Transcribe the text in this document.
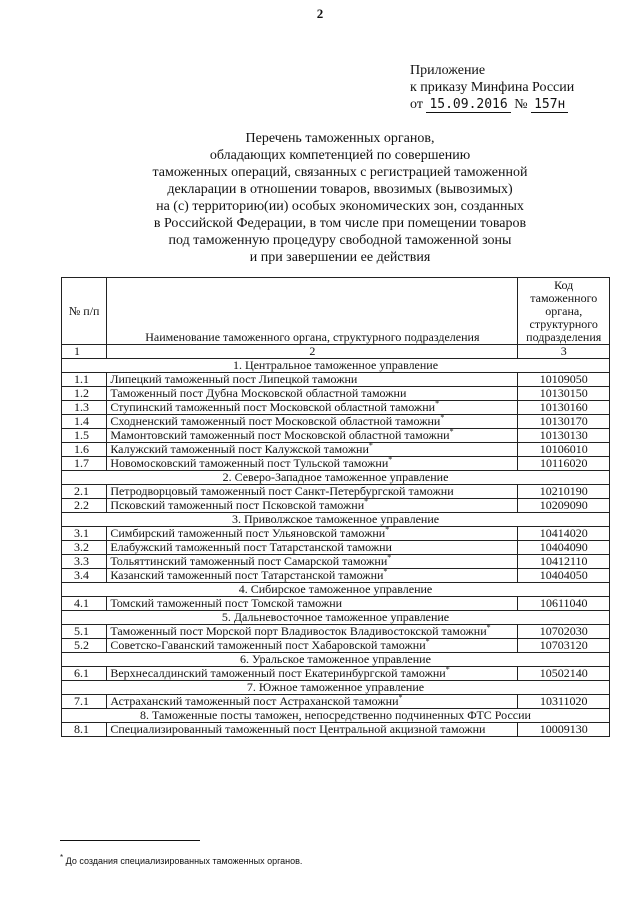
2
Приложение
к приказу Минфина России
от 15.09.2016 № 157н
Перечень таможенных органов,
обладающих компетенцией по совершению
таможенных операций, связанных с регистрацией таможенной
декларации в отношении товаров, ввозимых (вывозимых)
на (с) территорию(ии) особых экономических зон, созданных
в Российской Федерации, в том числе при помещении товаров
под таможенную процедуру свободной таможенной зоны
и при завершении ее действия
№ п/п	Наименование таможенного органа, структурного подразделения	Код таможенного органа, структурного подразделения
1	2	3
1. Центральное таможенное управление		
1.1	Липецкий таможенный пост Липецкой таможни	10109050
1.2	Таможенный пост Дубна Московской областной таможни	10130150
1.3	Ступинский таможенный пост Московской областной таможни*	10130160
1.4	Сходненский таможенный пост Московской областной таможни*	10130170
1.5	Мамонтовский таможенный пост Московской областной таможни*	10130130
1.6	Калужский таможенный пост Калужской таможни*	10106010
1.7	Новомосковский таможенный пост Тульской таможни*	10116020
2. Северо-Западное таможенное управление		
2.1	Петродворцовый таможенный пост Санкт-Петербургской таможни	10210190
2.2	Псковский таможенный пост Псковской таможни*	10209090
3. Приволжское таможенное управление		
3.1	Симбирский таможенный пост Ульяновской таможни*	10414020
3.2	Елабужский таможенный пост Татарстанской таможни	10404090
3.3	Тольяттинский таможенный пост Самарской таможни*	10412110
3.4	Казанский таможенный пост Татарстанской таможни*	10404050
4. Сибирское таможенное управление		
4.1	Томский таможенный пост Томской таможни	10611040
5. Дальневосточное таможенное управление		
5.1	Таможенный пост Морской порт Владивосток Владивостокской таможни*	10702030
5.2	Советско-Гаванский таможенный пост Хабаровской таможни*	10703120
6. Уральское таможенное управление		
6.1	Верхнесалдинский таможенный пост Екатеринбургской таможни*	10502140
7. Южное таможенное управление		
7.1	Астраханский таможенный пост Астраханской таможни*	10311020
8. Таможенные посты таможен, непосредственно подчиненных ФТС России		
8.1	Специализированный таможенный пост Центральной акцизной таможни	10009130
* До создания специализированных таможенных органов.
